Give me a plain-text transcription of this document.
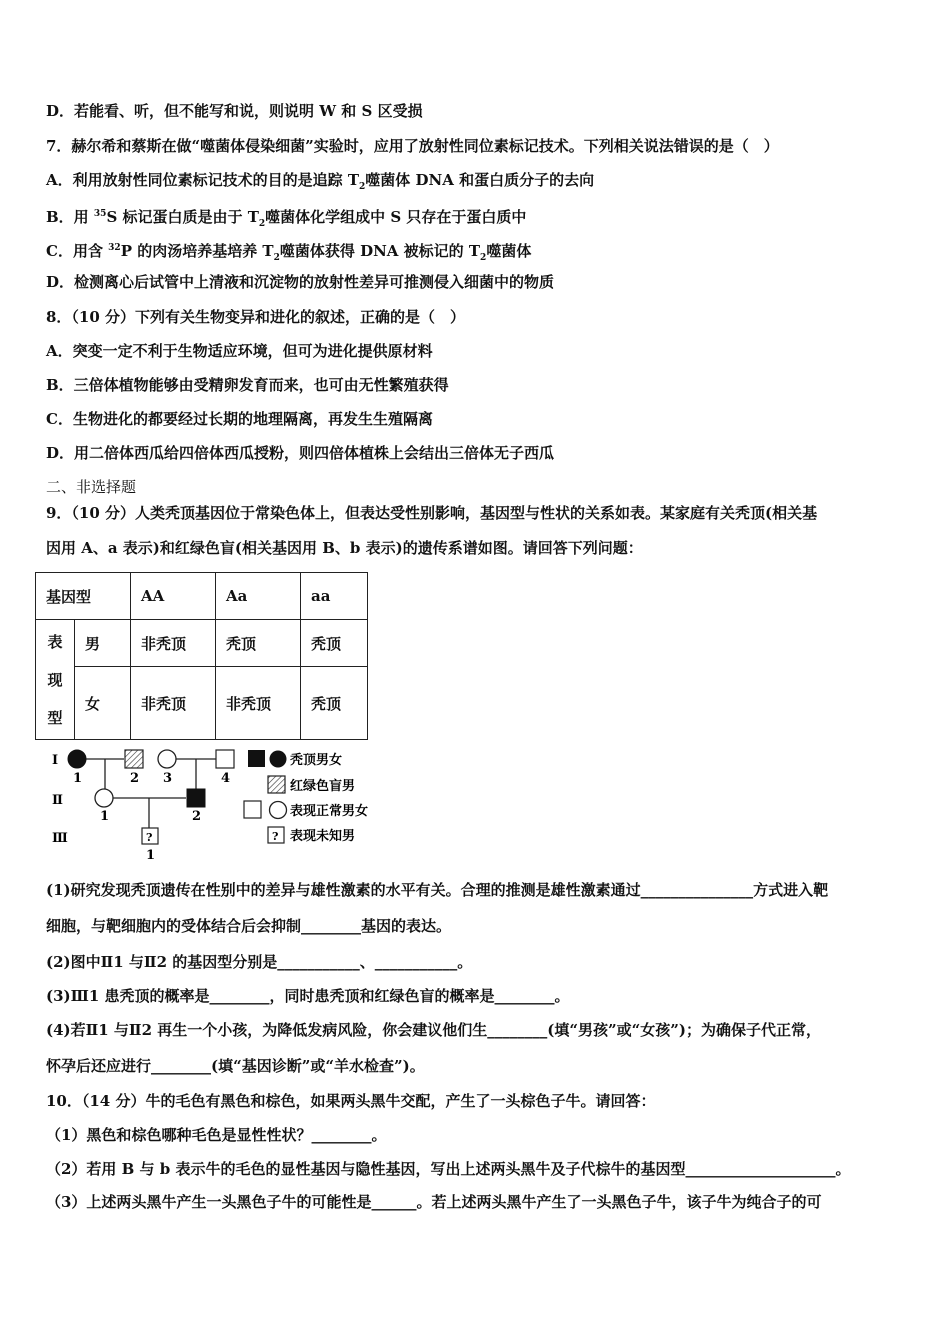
D．若能看、听，但不能写和说，则说明 W 和 S 区受损
7．赫尔希和蔡斯在做“噬菌体侵染细菌”实验时，应用了放射性同位素标记技术。下列相关说法错误的是（　）
A．利用放射性同位素标记技术的目的是追踪 $T_2$噬菌体 DNA 和蛋白质分子的去向
B．用 $^{35}$S 标记蛋白质是由于 $T_2$噬菌体化学组成中 S 只存在于蛋白质中
C．用含 $^{32}$P 的肉汤培养基培养 $T_2$噬菌体获得 DNA 被标记的 $T_2$噬菌体
D．检测离心后试管中上清液和沉淀物的放射性差异可推测侵入细菌中的物质
8．（10 分）下列有关生物变异和进化的叙述，正确的是（　）
A．突变一定不利于生物适应环境，但可为进化提供原材料
B．三倍体植物能够由受精卵发育而来，也可由无性繁殖获得
C．生物进化的都要经过长期的地理隔离，再发生生殖隔离
D．用二倍体西瓜给四倍体西瓜授粉，则四倍体植株上会结出三倍体无子西瓜
二、非选择题
9．（10 分）人类秃顶基因位于常染色体上，但表达受性别影响，基因型与性状的关系如表。某家庭有关秃顶(相关基
因用 A、a 表示)和红绿色盲(相关基因用 B、b 表示)的遗传系谱如图。请回答下列问题：
基因型		AA	Aa	aa

表
现
型	男	非秃顶	秃顶	秃顶
	女	非秃顶	非秃顶	秃顶
Ⅰ
Ⅱ
Ⅲ
1	2 3	4
1	2
?
1
秃顶男女
红绿色盲男
表现正常男女
? 表现未知男
(1)研究发现秃顶遗传在性别中的差异与雄性激素的水平有关。合理的推测是雄性激素通过_______________方式进入靶
细胞，与靶细胞内的受体结合后会抑制________基因的表达。
(2)图中Ⅱ1 与Ⅱ2 的基因型分别是___________、___________。
(3)Ⅲ1 患秃顶的概率是________，同时患秃顶和红绿色盲的概率是________。
(4)若Ⅱ1 与Ⅱ2 再生一个小孩，为降低发病风险，你会建议他们生________(填“男孩”或“女孩”)；为确保子代正常，
怀孕后还应进行________(填“基因诊断”或“羊水检查”)。
10．（14 分）牛的毛色有黑色和棕色，如果两头黑牛交配，产生了一头棕色子牛。请回答：
（1）黑色和棕色哪种毛色是显性性状？________。
（2）若用 B 与 b 表示牛的毛色的显性基因与隐性基因，写出上述两头黑牛及子代棕牛的基因型____________________。
（3）上述两头黑牛产生一头黑色子牛的可能性是______。若上述两头黑牛产生了一头黑色子牛，该子牛为纯合子的可
